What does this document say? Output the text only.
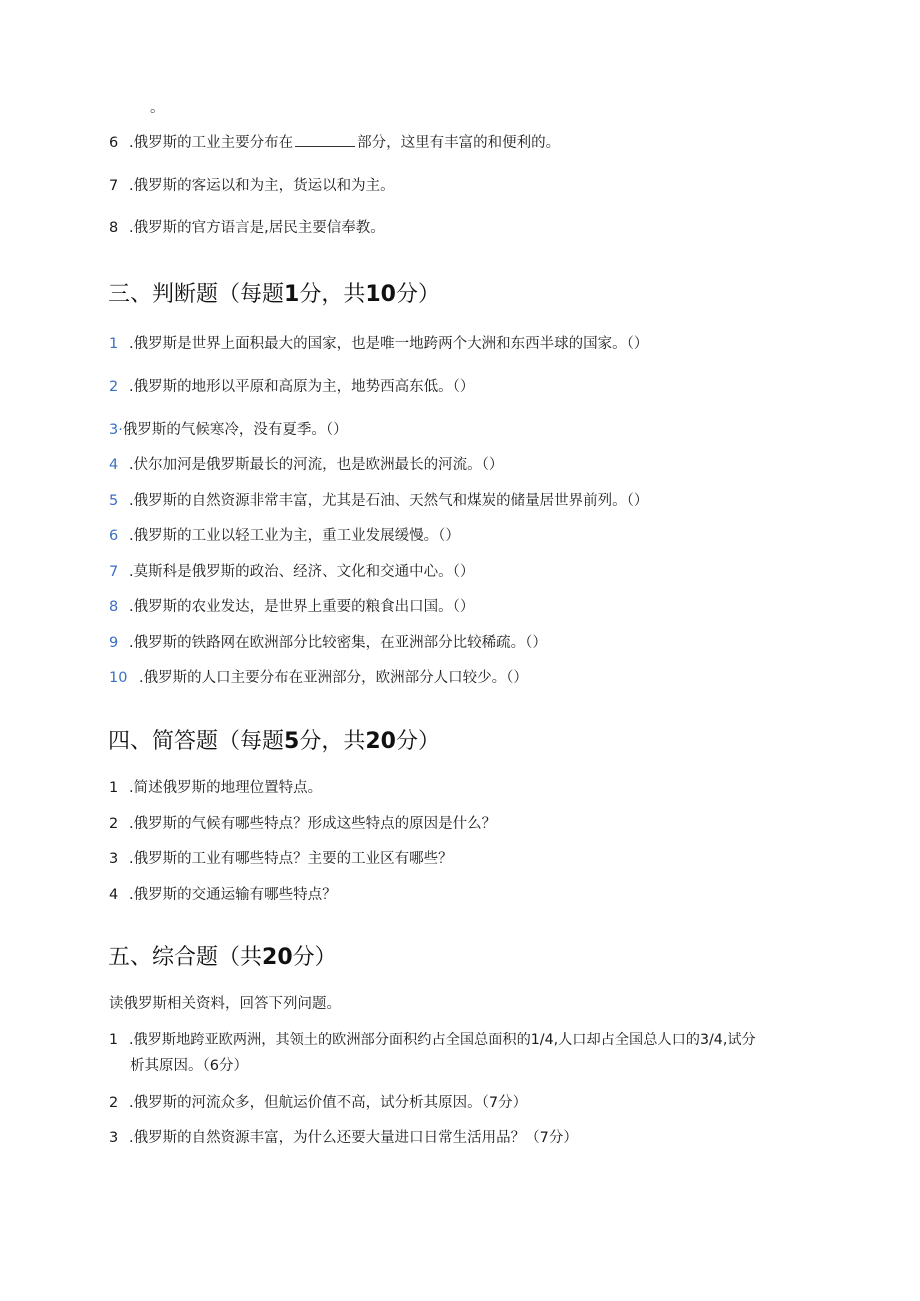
。
6 .俄罗斯的工业主要分布在	部分，这里有丰富的和便利的。
7 .俄罗斯的客运以和为主，货运以和为主。
8 .俄罗斯的官方语言是,居民主要信奉教。
三、判断题（每题1分，共10分）
1 .俄罗斯是世界上面积最大的国家，也是唯一地跨两个大洲和东西半球的国家。（）
2 .俄罗斯的地形以平原和高原为主，地势西高东低。（）
3·俄罗斯的气候寒冷，没有夏季。（）
4 .伏尔加河是俄罗斯最长的河流，也是欧洲最长的河流。（）
5 .俄罗斯的自然资源非常丰富，尤其是石油、天然气和煤炭的储量居世界前列。（）
6 .俄罗斯的工业以轻工业为主，重工业发展缓慢。（）
7 .莫斯科是俄罗斯的政治、经济、文化和交通中心。（）
8 .俄罗斯的农业发达，是世界上重要的粮食出口国。（）
9 .俄罗斯的铁路网在欧洲部分比较密集，在亚洲部分比较稀疏。（）
10 .俄罗斯的人口主要分布在亚洲部分，欧洲部分人口较少。（）
四、简答题（每题5分，共20分）
1 .简述俄罗斯的地理位置特点。
2 .俄罗斯的气候有哪些特点？形成这些特点的原因是什么？
3 .俄罗斯的工业有哪些特点？主要的工业区有哪些？
4 .俄罗斯的交通运输有哪些特点？
五、综合题（共20分）
读俄罗斯相关资料，回答下列问题。
1 .俄罗斯地跨亚欧两洲，其领土的欧洲部分面积约占全国总面积的1/4,人口却占全国总人口的3/4,试分
析其原因。（6分）
2 .俄罗斯的河流众多，但航运价值不高，试分析其原因。（7分）
3 .俄罗斯的自然资源丰富，为什么还要大量进口日常生活用品？（7分）
